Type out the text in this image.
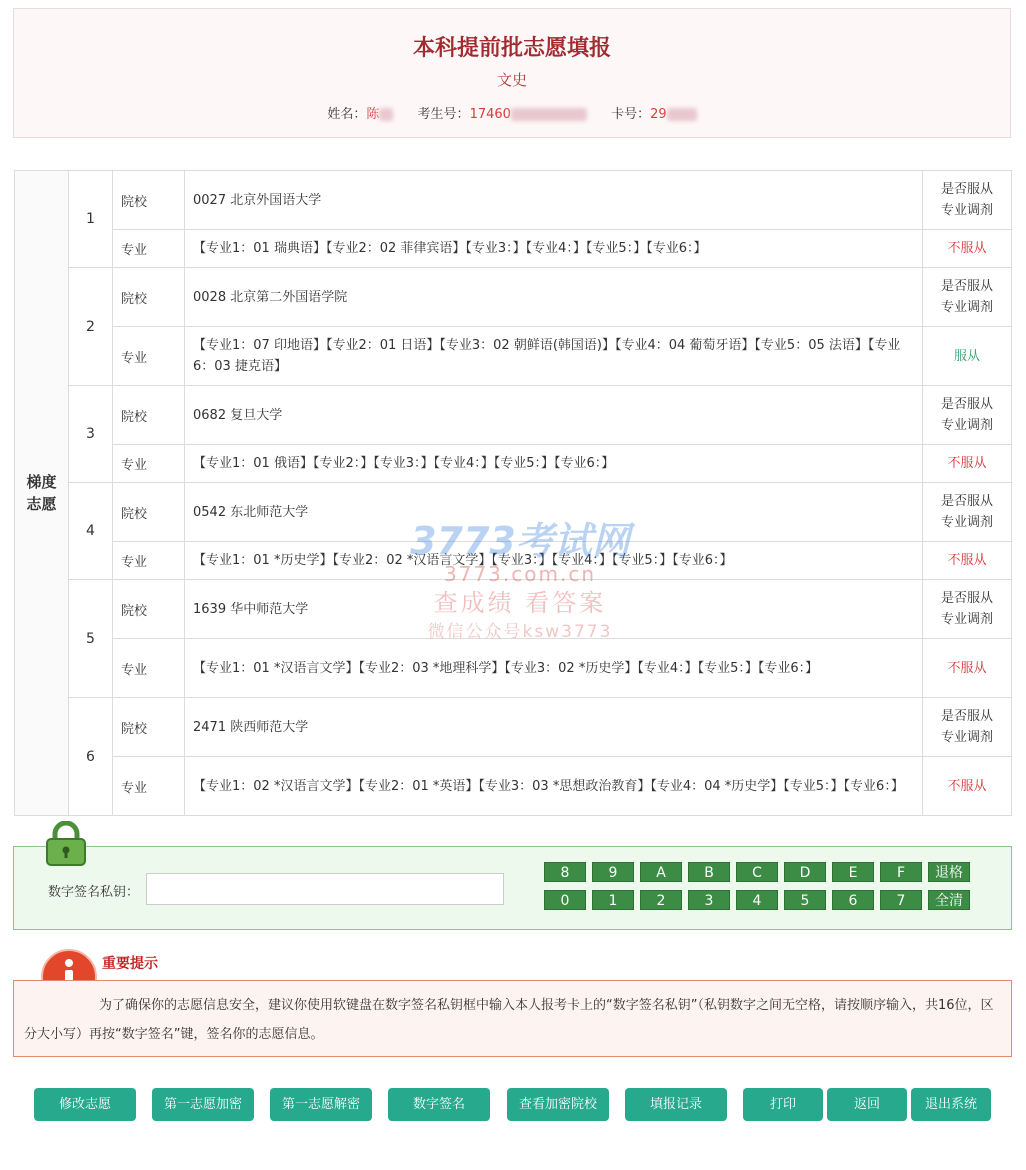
本科提前批志愿填报
文史
姓名：陈	考生号：17460	卡号：29
梯度
志愿	1	院校	0027 北京外国语大学	是否服从
专业调剂
		专业	【专业1：01 瑞典语】【专业2：02 菲律宾语】【专业3：】【专业4：】【专业5：】【专业6：】	不服从
	2	院校	0028 北京第二外国语学院	是否服从
专业调剂
		专业	【专业1：07 印地语】【专业2：01 日语】【专业3：02 朝鲜语(韩国语)】【专业4：04 葡萄牙语】【专业5：05 法语】【专业6：03 捷克语】	服从
	3	院校	0682 复旦大学	是否服从
专业调剂
		专业	【专业1：01 俄语】【专业2：】【专业3：】【专业4：】【专业5：】【专业6：】	不服从
	4	院校	0542 东北师范大学	是否服从
专业调剂
		专业	【专业1：01 *历史学】【专业2：02 *汉语言文学】【专业3：】【专业4：】【专业5：】【专业6：】	不服从
	5	院校	1639 华中师范大学	是否服从
专业调剂
		专业	【专业1：01 *汉语言文学】【专业2：03 *地理科学】【专业3：02 *历史学】【专业4：】【专业5：】【专业6：】	不服从
	6	院校	2471 陕西师范大学	是否服从
专业调剂
		专业	【专业1：02 *汉语言文学】【专业2：01 *英语】【专业3：03 *思想政治教育】【专业4：04 *历史学】【专业5：】【专业6：】	不服从
3773考试网
3773.com.cn
查成绩 看答案
微信公众号ksw3773
数字签名私钥：
8	9	A	B	C	D	E	F	退格
0	1	2	3	4	5	6	7	全清
重要提示
为了确保你的志愿信息安全，建议你使用软键盘在数字签名私钥框中输入本人报考卡上的“数字签名私钥”（私钥数字之间无空格，请按顺序输入，共16位，区分大小写）再按“数字签名”键，签名你的志愿信息。
修改志愿	第一志愿加密	第一志愿解密	数字签名	查看加密院校	填报记录	打印	返回	退出系统
